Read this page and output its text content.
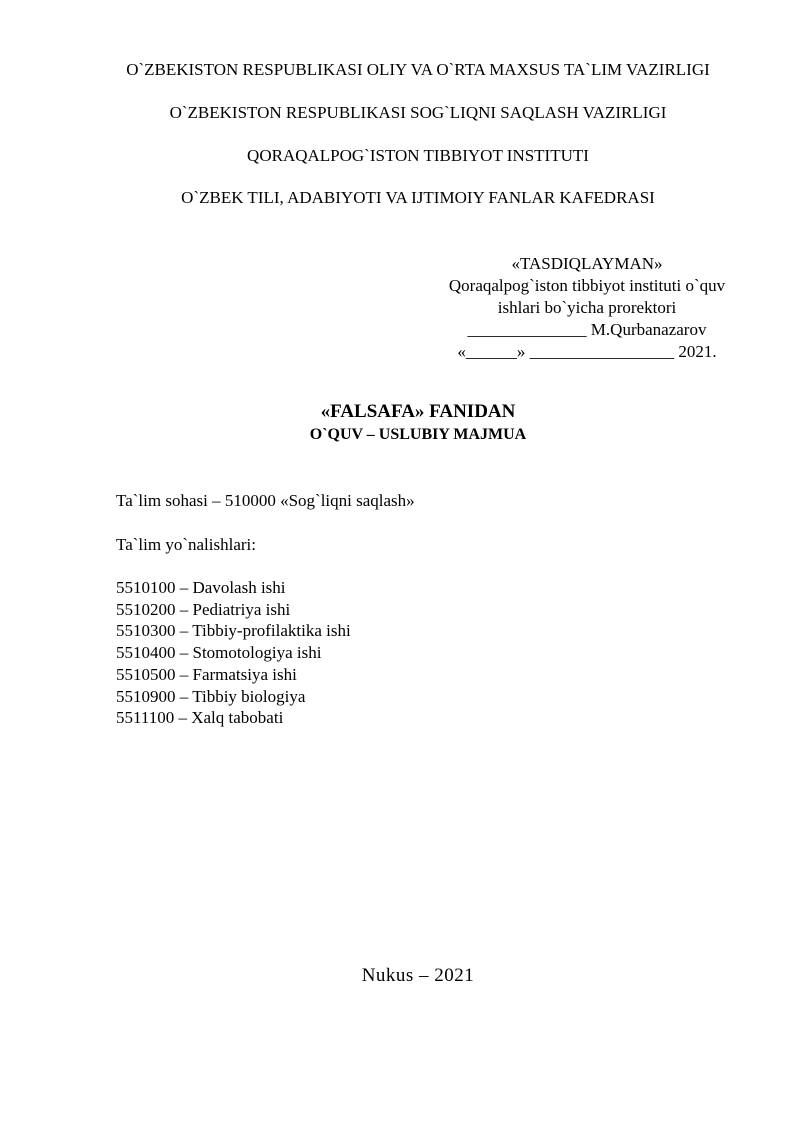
O`ZBEKISTON RESPUBLIKASI OLIY VA O`RTA MAXSUS TA`LIM VAZIRLIGI
O`ZBEKISTON RESPUBLIKASI SOG`LIQNI SAQLASH VAZIRLIGI
QORAQALPOG`ISTON TIBBIYOT INSTITUTI
O`ZBEK TILI, ADABIYOTI VA IJTIMOIY FANLAR KAFEDRASI
«TASDIQLAYMAN»
Qoraqalpog`iston tibbiyot instituti o`quv
ishlari bo`yicha prorektori
______________ M.Qurbanazarov
«______» _________________ 2021.
«FALSAFA» FANIDAN
O`QUV – USLUBIY MAJMUA
Ta`lim sohasi – 510000 «Sog`liqni saqlash»
Ta`lim yo`nalishlari:
5510100 – Davolash ishi
5510200 – Pediatriya ishi
5510300 – Tibbiy-profilaktika ishi
5510400 – Stomotologiya ishi
5510500 – Farmatsiya ishi
5510900 – Tibbiy biologiya
5511100 – Xalq tabobati
Nukus – 2021
